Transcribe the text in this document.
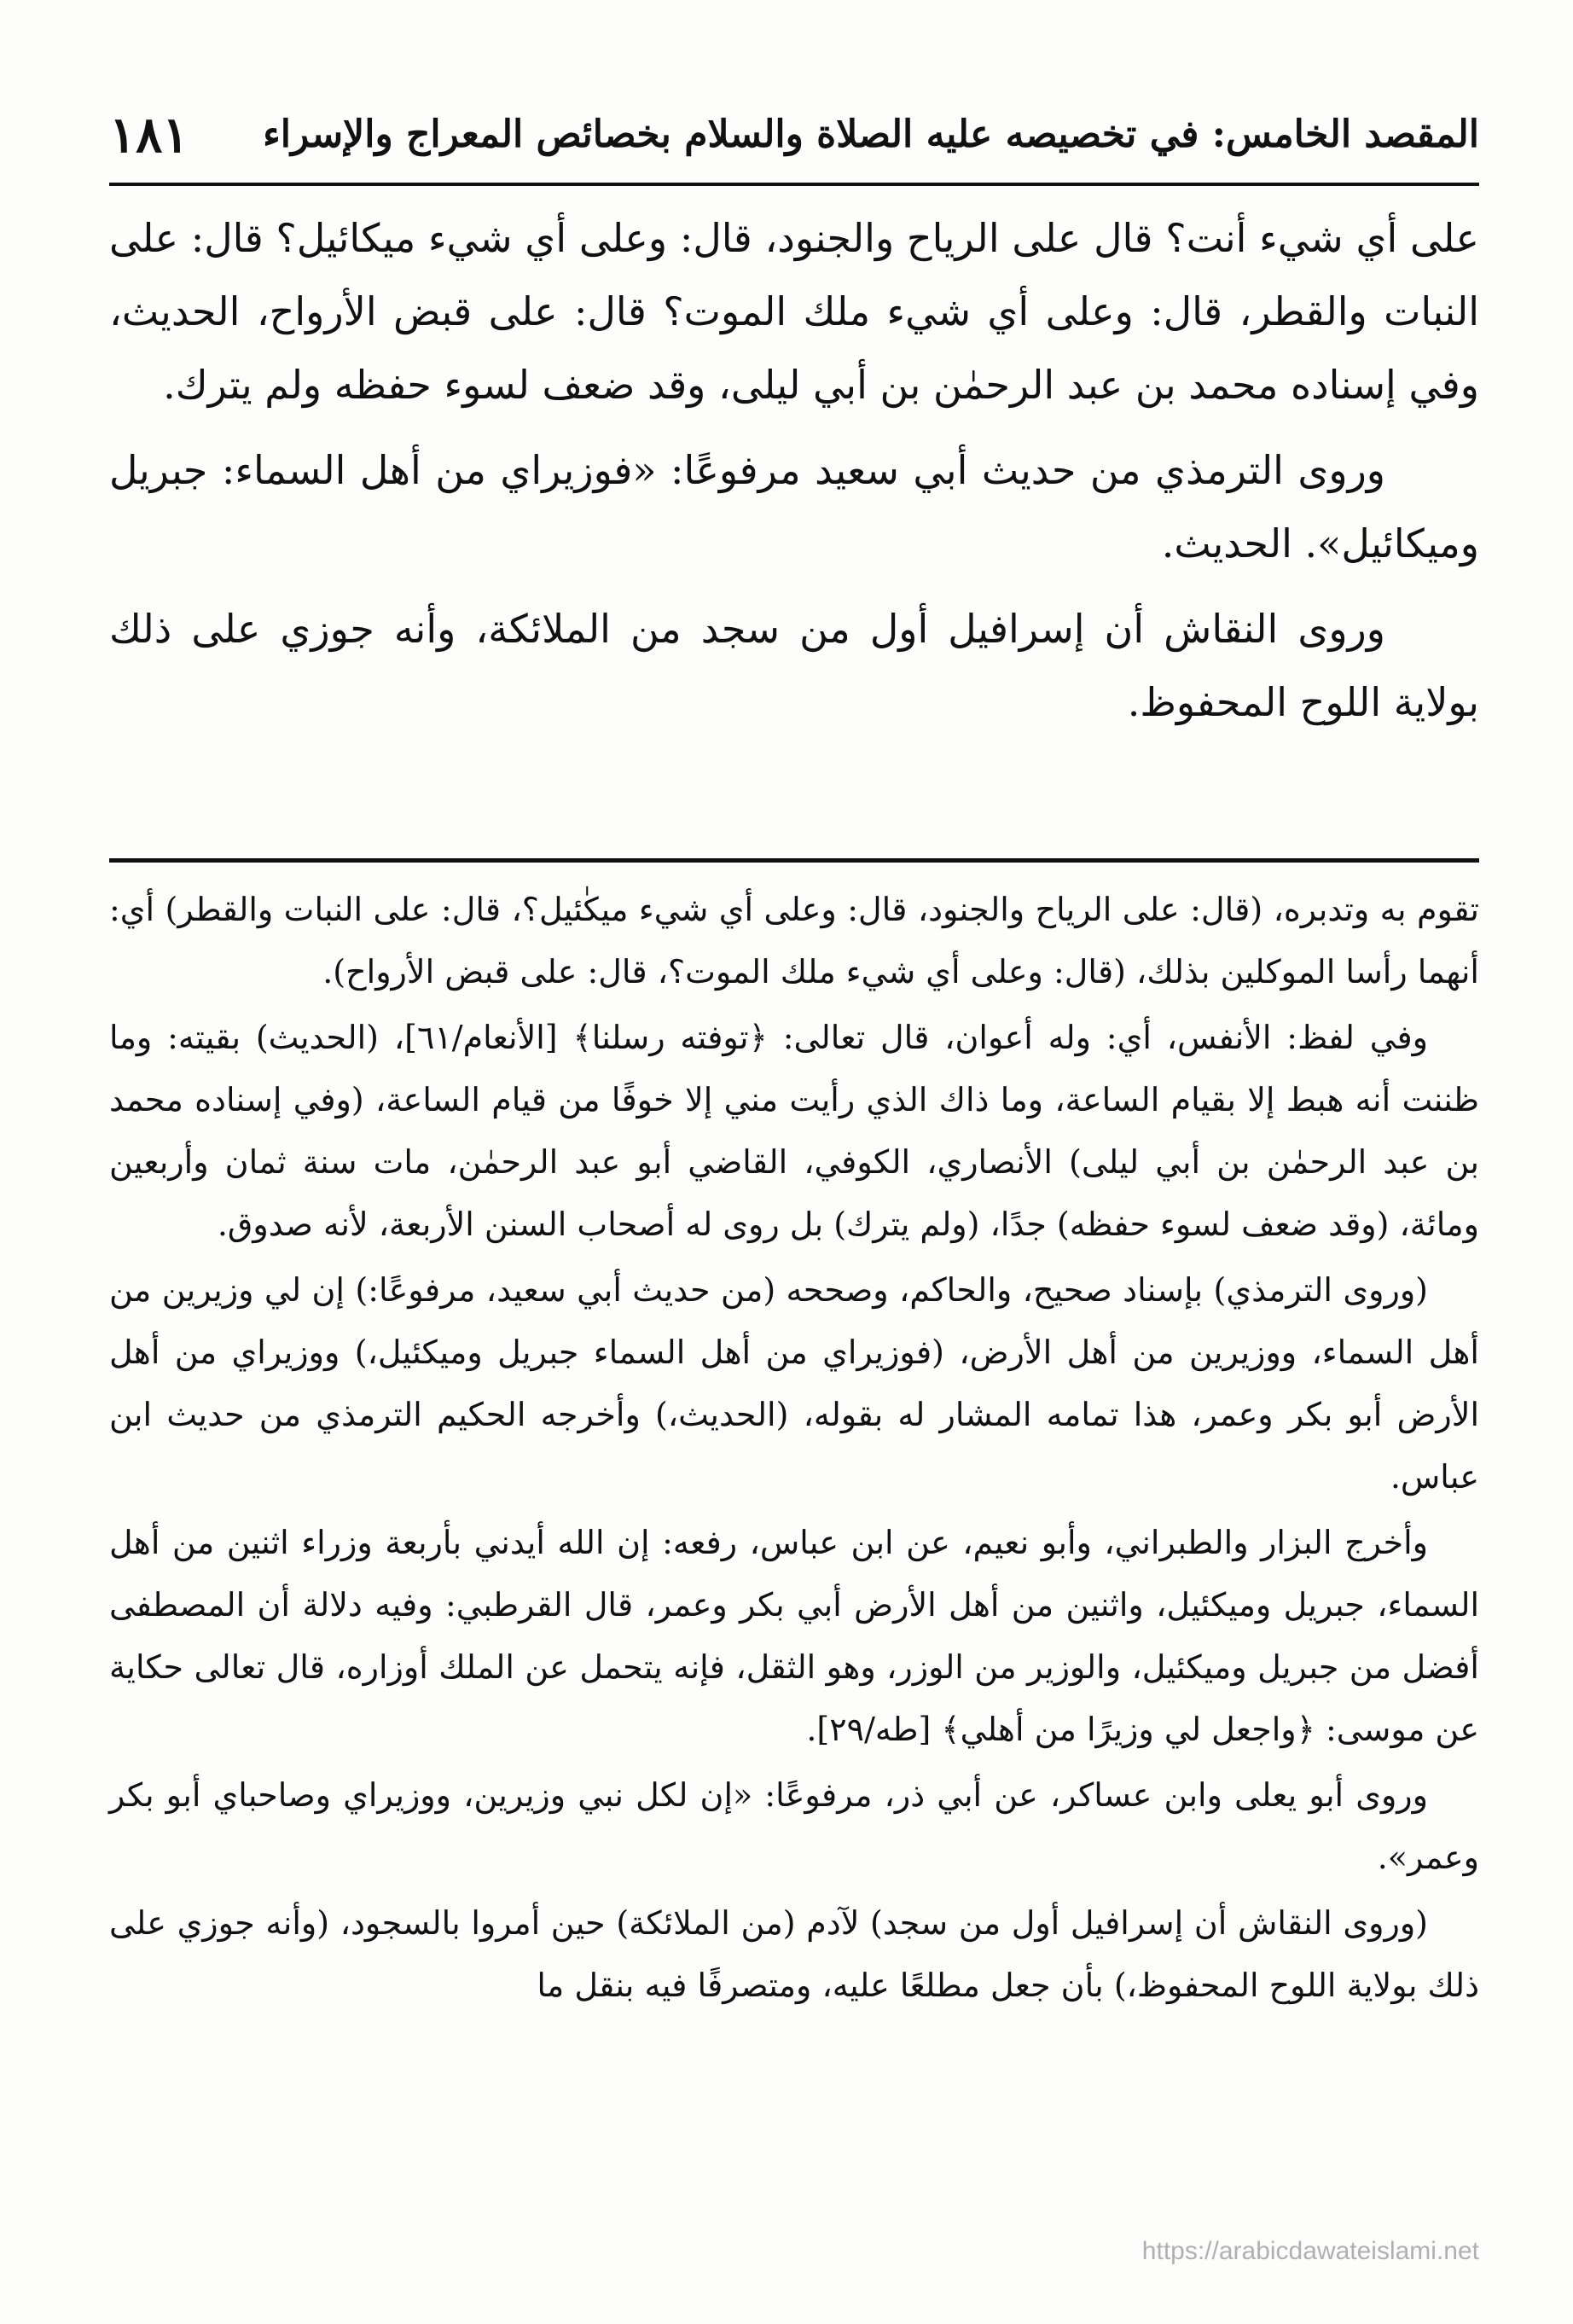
المقصد الخامس: في تخصيصه عليه الصلاة والسلام بخصائص المعراج والإسراء
١٨١

على أي شيء أنت؟ قال على الرياح والجنود، قال: وعلى أي شيء ميكائيل؟ قال: على النبات والقطر، قال: وعلى أي شيء ملك الموت؟ قال: على قبض الأرواح، الحديث، وفي إسناده محمد بن عبد الرحمٰن بن أبي ليلى، وقد ضعف لسوء حفظه ولم يترك.

وروى الترمذي من حديث أبي سعيد مرفوعًا: «فوزيراي من أهل السماء: جبريل وميكائيل». الحديث.

وروى النقاش أن إسرافيل أول من سجد من الملائكة، وأنه جوزي على ذلك بولاية اللوح المحفوظ.

تقوم به وتدبره، (قال: على الرياح والجنود، قال: وعلى أي شيء ميكٰئيل؟، قال: على النبات والقطر) أي: أنهما رأسا الموكلين بذلك، (قال: وعلى أي شيء ملك الموت؟، قال: على قبض الأرواح).

وفي لفظ: الأنفس، أي: وله أعوان، قال تعالى: ﴿توفته رسلنا﴾ [الأنعام/٦١]، (الحديث) بقيته: وما ظننت أنه هبط إلا بقيام الساعة، وما ذاك الذي رأيت مني إلا خوفًا من قيام الساعة، (وفي إسناده محمد بن عبد الرحمٰن بن أبي ليلى) الأنصاري، الكوفي، القاضي أبو عبد الرحمٰن، مات سنة ثمان وأربعين ومائة، (وقد ضعف لسوء حفظه) جدًا، (ولم يترك) بل روى له أصحاب السنن الأربعة، لأنه صدوق.

(وروى الترمذي) بإسناد صحيح، والحاكم، وصححه (من حديث أبي سعيد، مرفوعًا:) إن لي وزيرين من أهل السماء، ووزيرين من أهل الأرض، (فوزيراي من أهل السماء جبريل وميكئيل،) ووزيراي من أهل الأرض أبو بكر وعمر، هذا تمامه المشار له بقوله، (الحديث،) وأخرجه الحكيم الترمذي من حديث ابن عباس.

وأخرج البزار والطبراني، وأبو نعيم، عن ابن عباس، رفعه: إن الله أيدني بأربعة وزراء اثنين من أهل السماء، جبريل وميكئيل، واثنين من أهل الأرض أبي بكر وعمر، قال القرطبي: وفيه دلالة أن المصطفى أفضل من جبريل وميكئيل، والوزير من الوزر، وهو الثقل، فإنه يتحمل عن الملك أوزاره، قال تعالى حكاية عن موسى: ﴿واجعل لي وزيرًا من أهلي﴾ [طه/٢٩].

وروى أبو يعلى وابن عساكر، عن أبي ذر، مرفوعًا: «إن لكل نبي وزيرين، ووزيراي وصاحباي أبو بكر وعمر».

(وروى النقاش أن إسرافيل أول من سجد) لآدم (من الملائكة) حين أمروا بالسجود، (وأنه جوزي على ذلك بولاية اللوح المحفوظ،) بأن جعل مطلعًا عليه، ومتصرفًا فيه بنقل ما

https://arabicdawateislami.net
